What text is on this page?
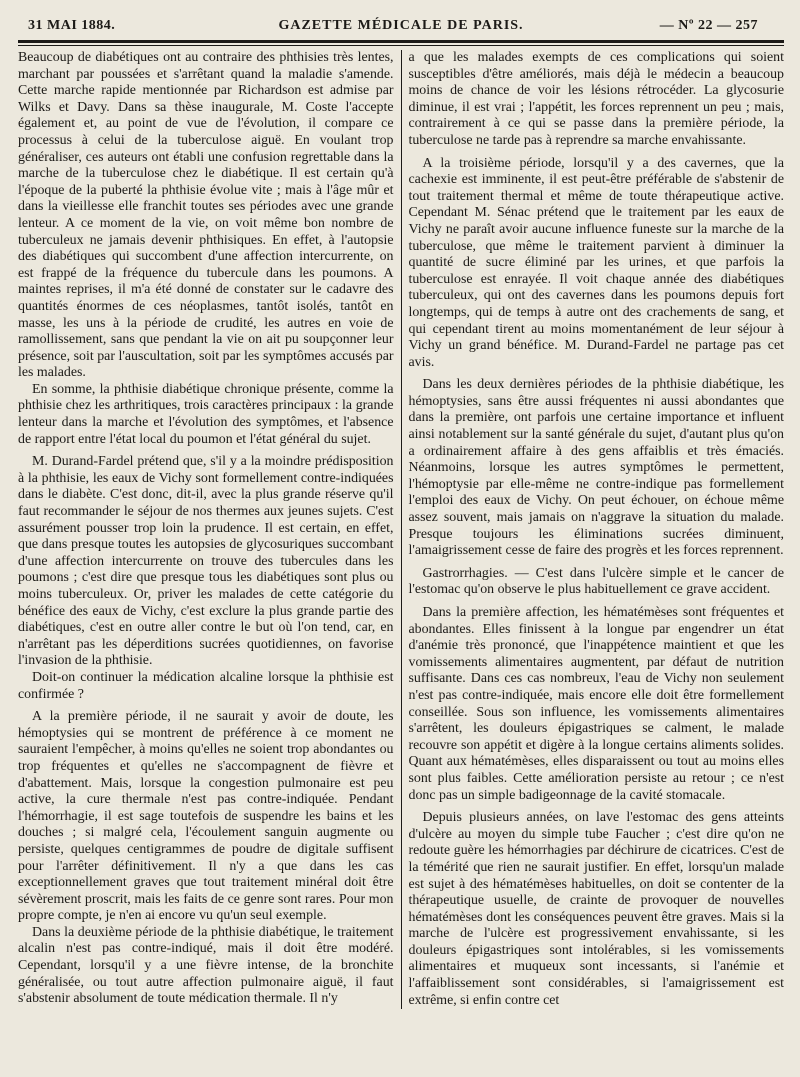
31 MAI 1884.	GAZETTE MÉDICALE DE PARIS.	— Nº 22 — 257

Beaucoup de diabétiques ont au contraire des phthisies très lentes, marchant par poussées et s'arrêtant quand la maladie s'amende. Cette marche rapide mentionnée par Richardson est admise par Wilks et Davy. Dans sa thèse inaugurale, M. Coste l'accepte également et, au point de vue de l'évolution, il compare ce processus à celui de la tuberculose aiguë. En voulant trop généraliser, ces auteurs ont établi une confusion regrettable dans la marche de la tuberculose chez le diabétique. Il est certain qu'à l'époque de la puberté la phthisie évolue vite ; mais à l'âge mûr et dans la vieillesse elle franchit toutes ses périodes avec une grande lenteur. A ce moment de la vie, on voit même bon nombre de tuberculeux ne jamais devenir phthisiques. En effet, à l'autopsie des diabétiques qui succombent d'une affection intercurrente, on est frappé de la fréquence du tubercule dans les poumons. A maintes reprises, il m'a été donné de constater sur le cadavre des quantités énormes de ces néoplasmes, tantôt isolés, tantôt en masse, les uns à la période de crudité, les autres en voie de ramollissement, sans que pendant la vie on ait pu soupçonner leur présence, soit par l'auscultation, soit par les symptômes accusés par les malades.

En somme, la phthisie diabétique chronique présente, comme la phthisie chez les arthritiques, trois caractères principaux : la grande lenteur dans la marche et l'évolution des symptômes, et l'absence de rapport entre l'état local du poumon et l'état général du sujet.

M. Durand-Fardel prétend que, s'il y a la moindre prédisposition à la phthisie, les eaux de Vichy sont formellement contre-indiquées dans le diabète. C'est donc, dit-il, avec la plus grande réserve qu'il faut recommander le séjour de nos thermes aux jeunes sujets. C'est assurément pousser trop loin la prudence. Il est certain, en effet, que dans presque toutes les autopsies de glycosuriques succombant d'une affection intercurrente on trouve des tubercules dans les poumons ; c'est dire que presque tous les diabétiques sont plus ou moins tuberculeux. Or, priver les malades de cette catégorie du bénéfice des eaux de Vichy, c'est exclure la plus grande partie des diabétiques, c'est en outre aller contre le but où l'on tend, car, en n'arrêtant pas les déperditions sucrées quotidiennes, on favorise l'invasion de la phthisie.

Doit-on continuer la médication alcaline lorsque la phthisie est confirmée ?

A la première période, il ne saurait y avoir de doute, les hémoptysies qui se montrent de préférence à ce moment ne sauraient l'empêcher, à moins qu'elles ne soient trop abondantes ou trop fréquentes et qu'elles ne s'accompagnent de fièvre et d'abattement. Mais, lorsque la congestion pulmonaire est peu active, la cure thermale n'est pas contre-indiquée. Pendant l'hémorrhagie, il est sage toutefois de suspendre les bains et les douches ; si malgré cela, l'écoulement sanguin augmente ou persiste, quelques centigrammes de poudre de digitale suffisent pour l'arrêter définitivement. Il n'y a que dans les cas exceptionnellement graves que tout traitement minéral doit être sévèrement proscrit, mais les faits de ce genre sont rares. Pour mon propre compte, je n'en ai encore vu qu'un seul exemple.

Dans la deuxième période de la phthisie diabétique, le traitement alcalin n'est pas contre-indiqué, mais il doit être modéré. Cependant, lorsqu'il y a une fièvre intense, de la bronchite généralisée, ou tout autre affection pulmonaire aiguë, il faut s'abstenir absolument de toute médication thermale. Il n'y

a que les malades exempts de ces complications qui soient susceptibles d'être améliorés, mais déjà le médecin a beaucoup moins de chance de voir les lésions rétrocéder. La glycosurie diminue, il est vrai ; l'appétit, les forces reprennent un peu ; mais, contrairement à ce qui se passe dans la première période, la tuberculose ne tarde pas à reprendre sa marche envahissante.

A la troisième période, lorsqu'il y a des cavernes, que la cachexie est imminente, il est peut-être préférable de s'abstenir de tout traitement thermal et même de toute thérapeutique active. Cependant M. Sénac prétend que le traitement par les eaux de Vichy ne paraît avoir aucune influence funeste sur la marche de la tuberculose, que même le traitement parvient à diminuer la quantité de sucre éliminé par les urines, et que parfois la tuberculose est enrayée. Il voit chaque année des diabétiques tuberculeux, qui ont des cavernes dans les poumons depuis fort longtemps, qui de temps à autre ont des crachements de sang, et qui cependant tirent au moins momentanément de leur séjour à Vichy un grand bénéfice. M. Durand-Fardel ne partage pas cet avis.

Dans les deux dernières périodes de la phthisie diabétique, les hémoptysies, sans être aussi fréquentes ni aussi abondantes que dans la première, ont parfois une certaine importance et influent ainsi notablement sur la santé générale du sujet, d'autant plus qu'on a ordinairement affaire à des gens affaiblis et très émaciés. Néanmoins, lorsque les autres symptômes le permettent, l'hémoptysie par elle-même ne contre-indique pas formellement l'emploi des eaux de Vichy. On peut échouer, on échoue même assez souvent, mais jamais on n'aggrave la situation du malade. Presque toujours les éliminations sucrées diminuent, l'amaigrissement cesse de faire des progrès et les forces reprennent.

Gastrorrhagies. — C'est dans l'ulcère simple et le cancer de l'estomac qu'on observe le plus habituellement ce grave accident.

Dans la première affection, les hématémèses sont fréquentes et abondantes. Elles finissent à la longue par engendrer un état d'anémie très prononcé, que l'inappétence maintient et que les vomissements alimentaires augmentent, par défaut de nutrition suffisante. Dans ces cas nombreux, l'eau de Vichy non seulement n'est pas contre-indiquée, mais encore elle doit être formellement conseillée. Sous son influence, les vomissements alimentaires s'arrêtent, les douleurs épigastriques se calment, le malade recouvre son appétit et digère à la longue certains aliments solides. Quant aux hématémèses, elles disparaissent ou tout au moins elles sont plus faibles. Cette amélioration persiste au retour ; ce n'est donc pas un simple badigeonnage de la cavité stomacale.

Depuis plusieurs années, on lave l'estomac des gens atteints d'ulcère au moyen du simple tube Faucher ; c'est dire qu'on ne redoute guère les hémorrhagies par déchirure de cicatrices. C'est de la témérité que rien ne saurait justifier. En effet, lorsqu'un malade est sujet à des hématémèses habituelles, on doit se contenter de la thérapeutique usuelle, de crainte de provoquer de nouvelles hématémèses dont les conséquences peuvent être graves. Mais si la marche de l'ulcère est progressivement envahissante, si les douleurs épigastriques sont intolérables, si les vomissements alimentaires et muqueux sont incessants, si l'anémie et l'affaiblissement sont considérables, si l'amaigrissement est extrême, si enfin contre cet
